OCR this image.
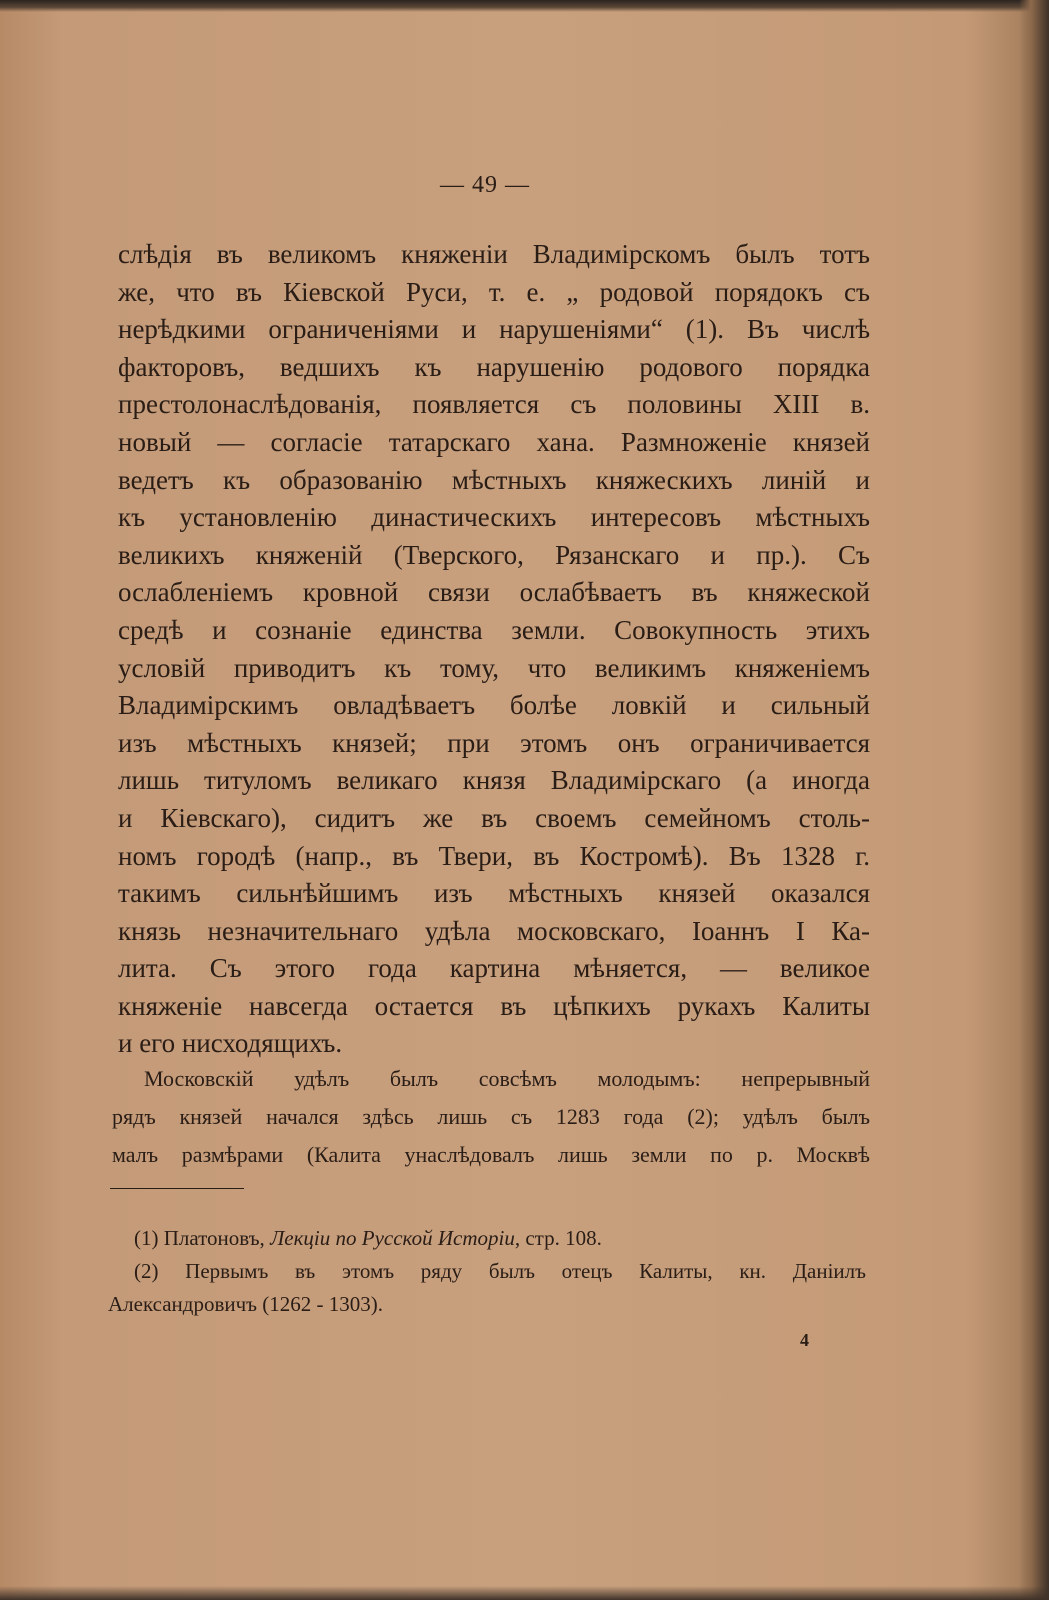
— 49 —
слѣдія въ великомъ княженіи Владимірскомъ былъ тотъ
же, что въ Кіевской Руси, т. е. „ родовой порядокъ съ
нерѣдкими ограниченіями и нарушеніями“ (1). Въ числѣ
факторовъ, ведшихъ къ нарушенію родового порядка
престолонаслѣдованія, появляется съ половины XIII в.
новый — согласіе татарскаго хана. Размноженіе князей
ведетъ къ образованію мѣстныхъ княжескихъ линій и
къ установленію династическихъ интересовъ мѣстныхъ
великихъ княженій (Тверского, Рязанскаго и пр.). Съ
ослабленіемъ кровной связи ослабѣваетъ въ княжеской
средѣ и сознаніе единства земли. Совокупность этихъ
условій приводитъ къ тому, что великимъ княженіемъ
Владимірскимъ овладѣваетъ болѣе ловкій и сильный
изъ мѣстныхъ князей; при этомъ онъ ограничивается
лишь титуломъ великаго князя Владимірскаго (а иногда
и Кіевскаго), сидитъ же въ своемъ семейномъ столь-
номъ городѣ (напр., въ Твери, въ Костромѣ). Въ 1328 г.
такимъ сильнѣйшимъ изъ мѣстныхъ князей оказался
князь незначительнаго удѣла московскаго, Іоаннъ I Ка-
лита. Съ этого года картина мѣняется, — великое
княженіе навсегда остается въ цѣпкихъ рукахъ Калиты
и его нисходящихъ.
Московскій удѣлъ былъ совсѣмъ молодымъ: непрерывный
рядъ князей начался здѣсь лишь съ 1283 года (2); удѣлъ былъ
малъ размѣрами (Калита унаслѣдовалъ лишь земли по р. Москвѣ
(1) Платоновъ, Лекціи по Русской Исторіи, стр. 108.
(2) Первымъ въ этомъ ряду былъ отецъ Калиты, кн. Даніилъ
Александровичъ (1262 - 1303).
4
